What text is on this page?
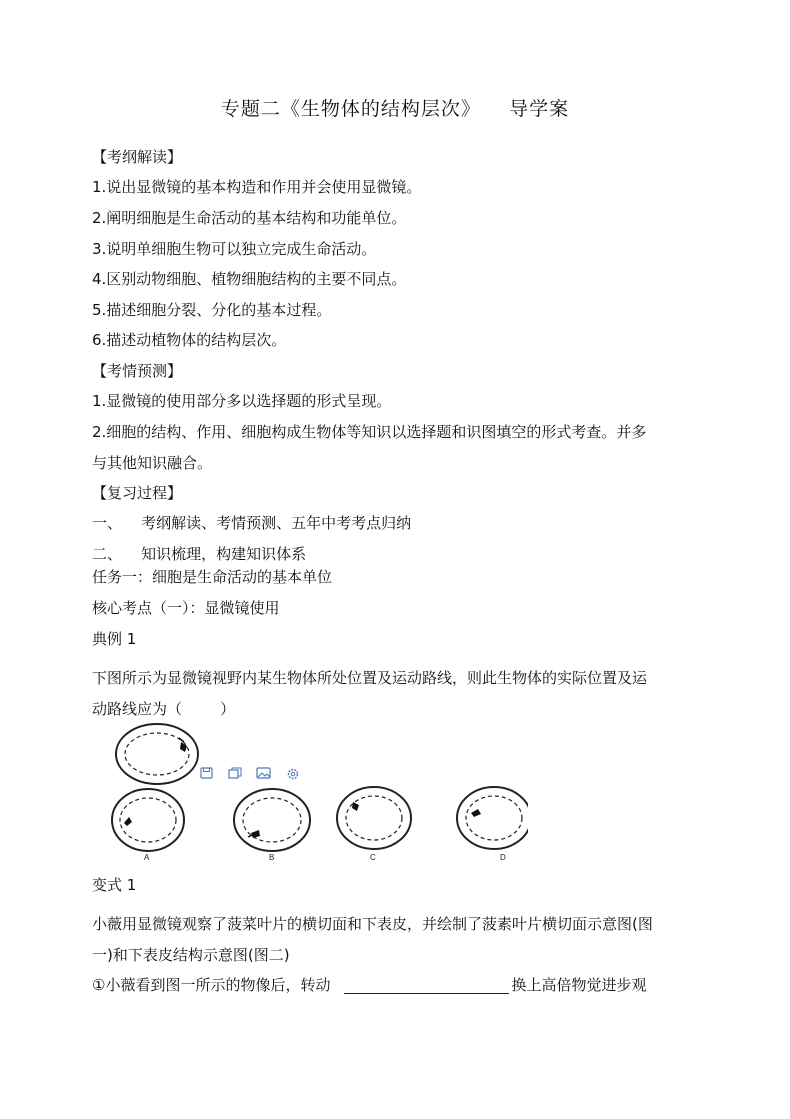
专题二《生物体的结构层次》    导学案
【考纲解读】
1.说出显微镜的基本构造和作用并会使用显微镜。
2.阐明细胞是生命活动的基本结构和功能单位。
3.说明单细胞生物可以独立完成生命活动。
4.区别动物细胞、植物细胞结构的主要不同点。
5.描述细胞分裂、分化的基本过程。
6.描述动植物体的结构层次。
【考情预测】
1.显微镜的使用部分多以选择题的形式呈现。
2.细胞的结构、作用、细胞构成生物体等知识以选择题和识图填空的形式考查。并多
与其他知识融合。
【复习过程】
一、    考纲解读、考情预测、五年中考考点归纳
二、    知识梳理，构建知识体系
任务一：细胞是生命活动的基本单位
核心考点（一）：显微镜使用
典例 1
下图所示为显微镜视野内某生物体所处位置及运动路线，则此生物体的实际位置及运
动路线应为（        ）
A	B	C	D
变式 1
小薇用显微镜观察了菠菜叶片的横切面和下表皮，并绘制了菠素叶片横切面示意图(图
一)和下表皮结构示意图(图二)
①小薇看到图一所示的物像后，转动	换上高倍物觉进步观
